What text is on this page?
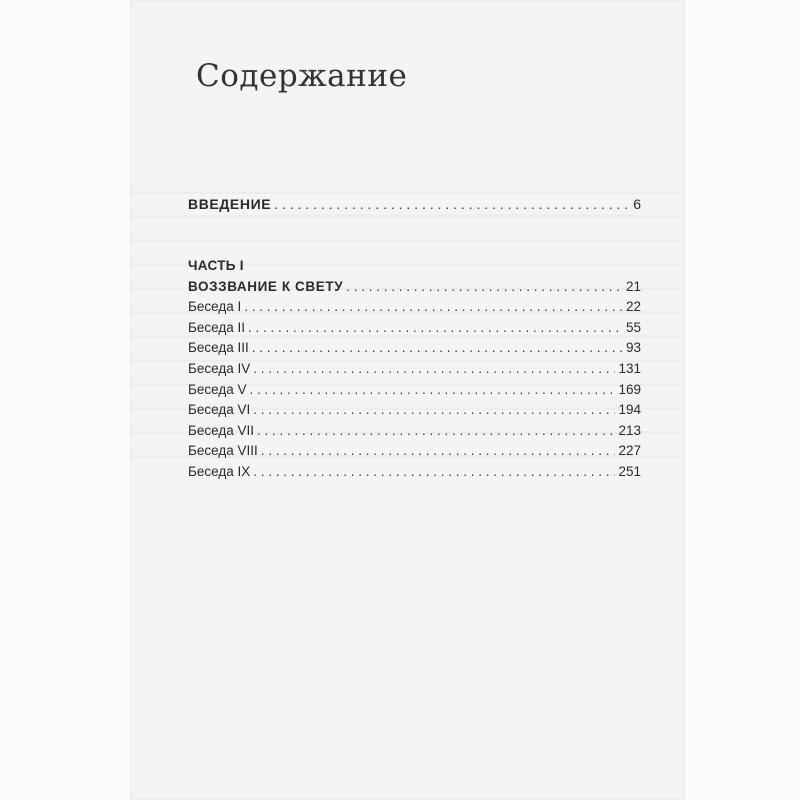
Содержание
ВВЕДЕНИЕ . . .	6
ЧАСТЬ I
ВОЗЗВАНИЕ К СВЕТУ . . .	21
Беседа I . . .	22
Беседа II . . .	55
Беседа III . . .	93
Беседа IV . . .	131
Беседа V . . .	169
Беседа VI . . .	194
Беседа VII . . .	213
Беседа VIII . . .	227
Беседа IX . . .	251
